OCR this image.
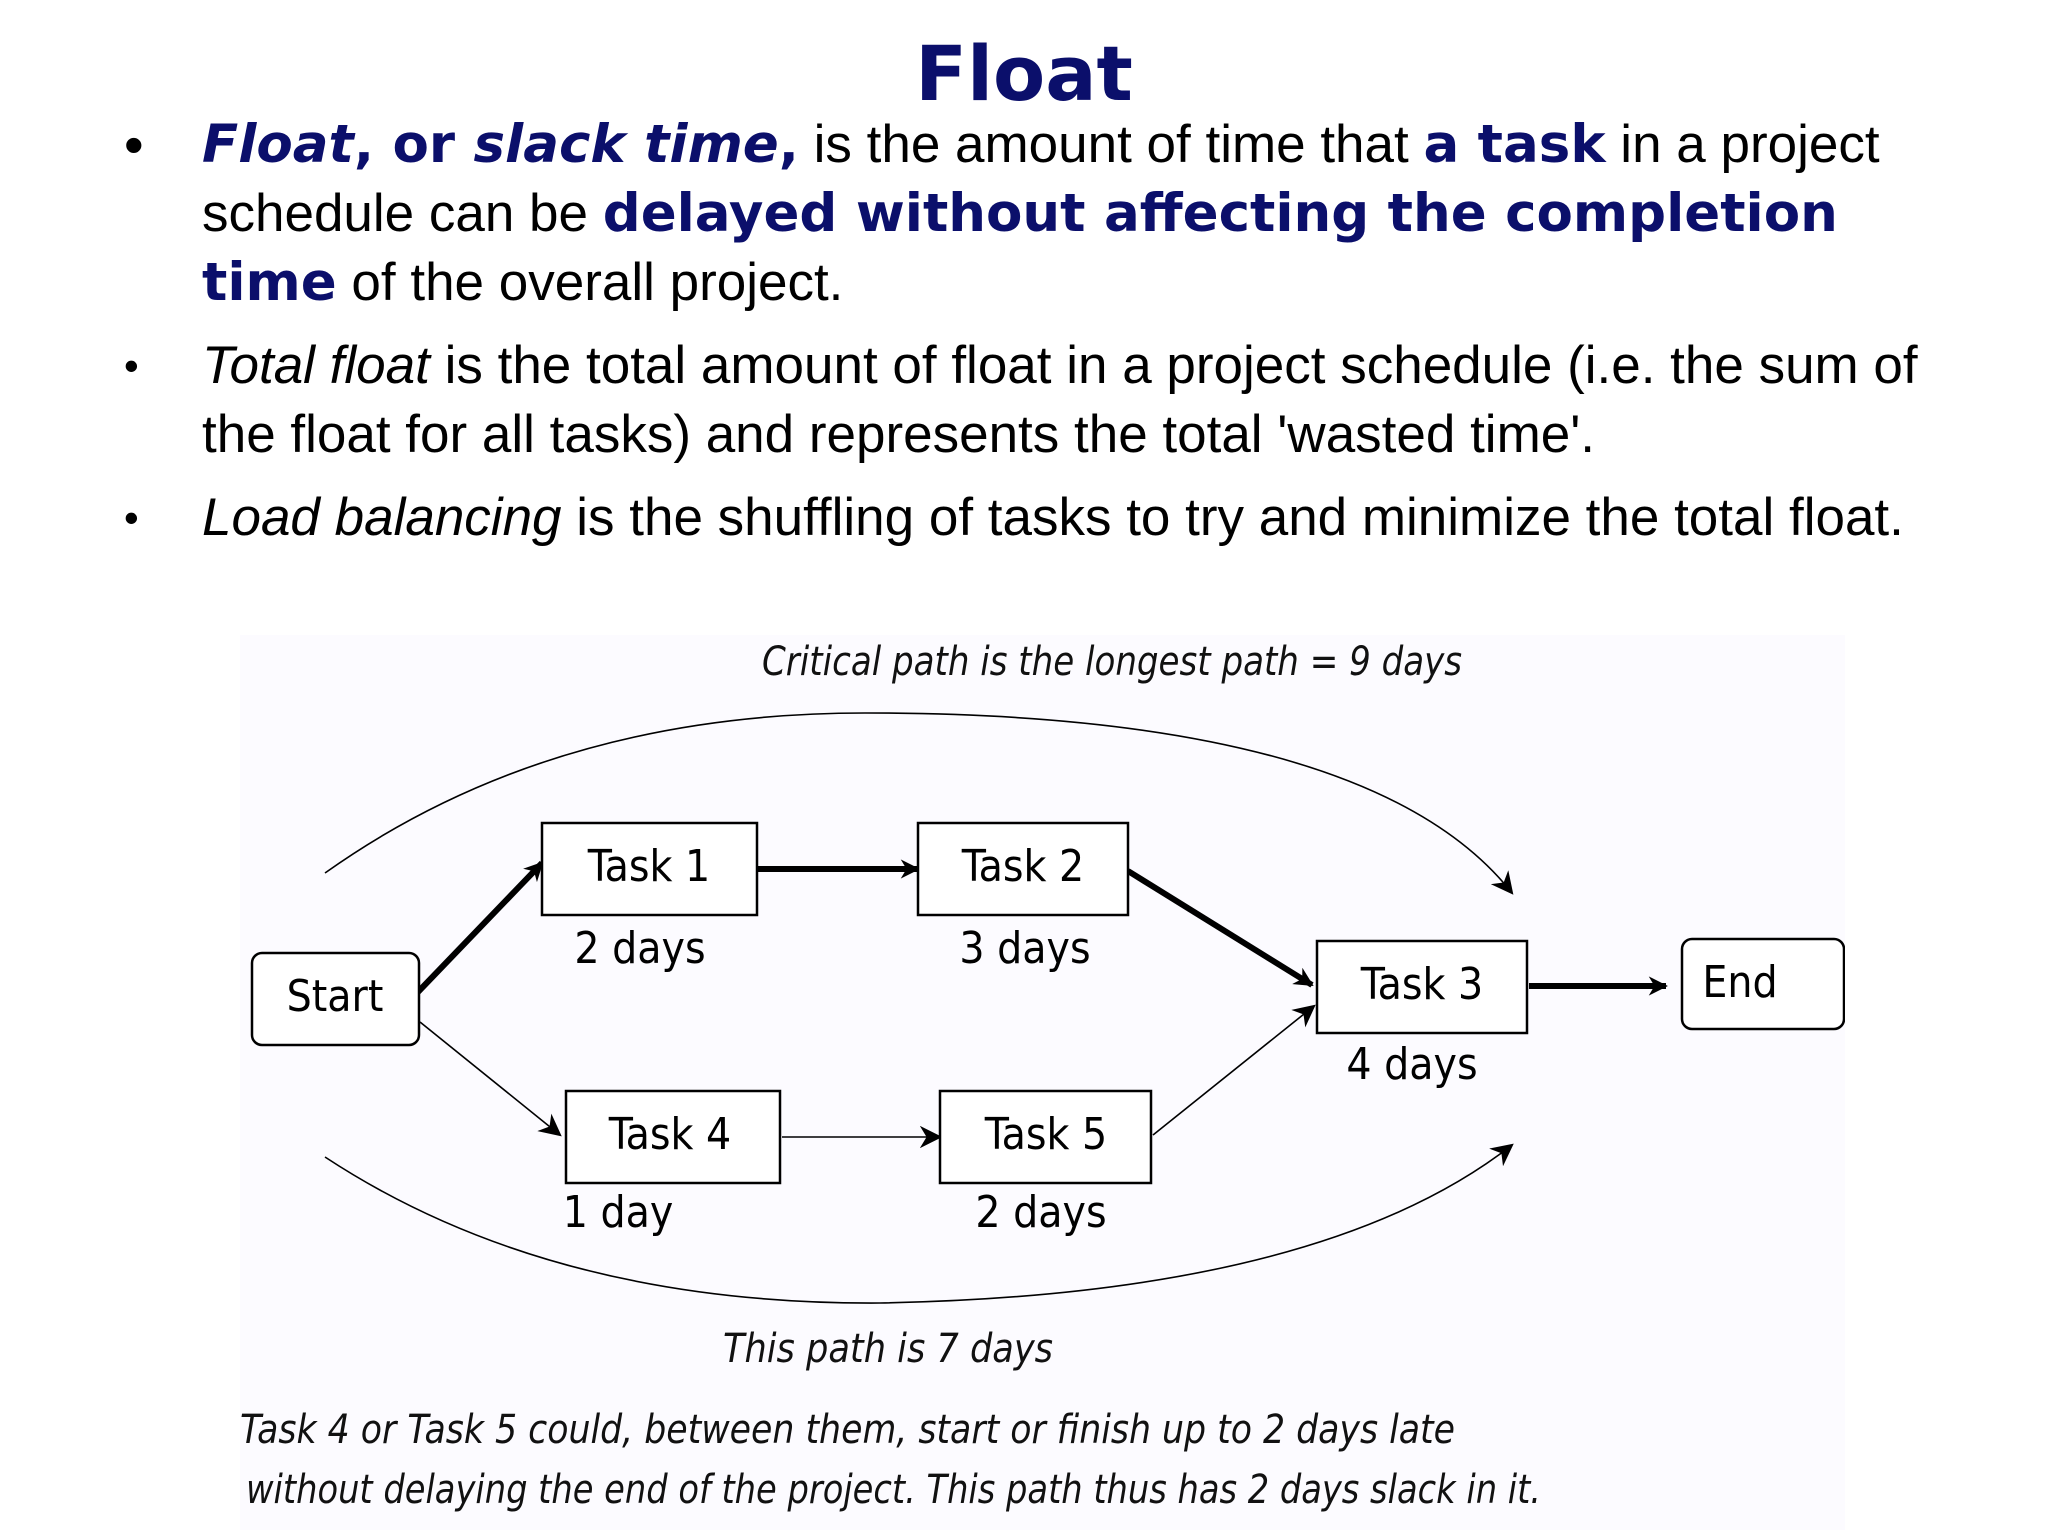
Float
• Float, or slack time, is the amount of time that a task in a project schedule can be delayed without affecting the completion time of the overall project.
• Total float is the total amount of float in a project schedule (i.e. the sum of the float for all tasks) and represents the total 'wasted time'.
• Load balancing is the shuffling of tasks to try and minimize the total float.
Critical path is the longest path = 9 days
This path is 7 days
Start
Task 1
2 days
Task 2
3 days
Task 3
4 days
Task 4
1 day
Task 5
2 days
End
Task 4 or Task 5 could, between them, start or finish up to 2 days late
without delaying the end of the project. This path thus has 2 days slack in it.
